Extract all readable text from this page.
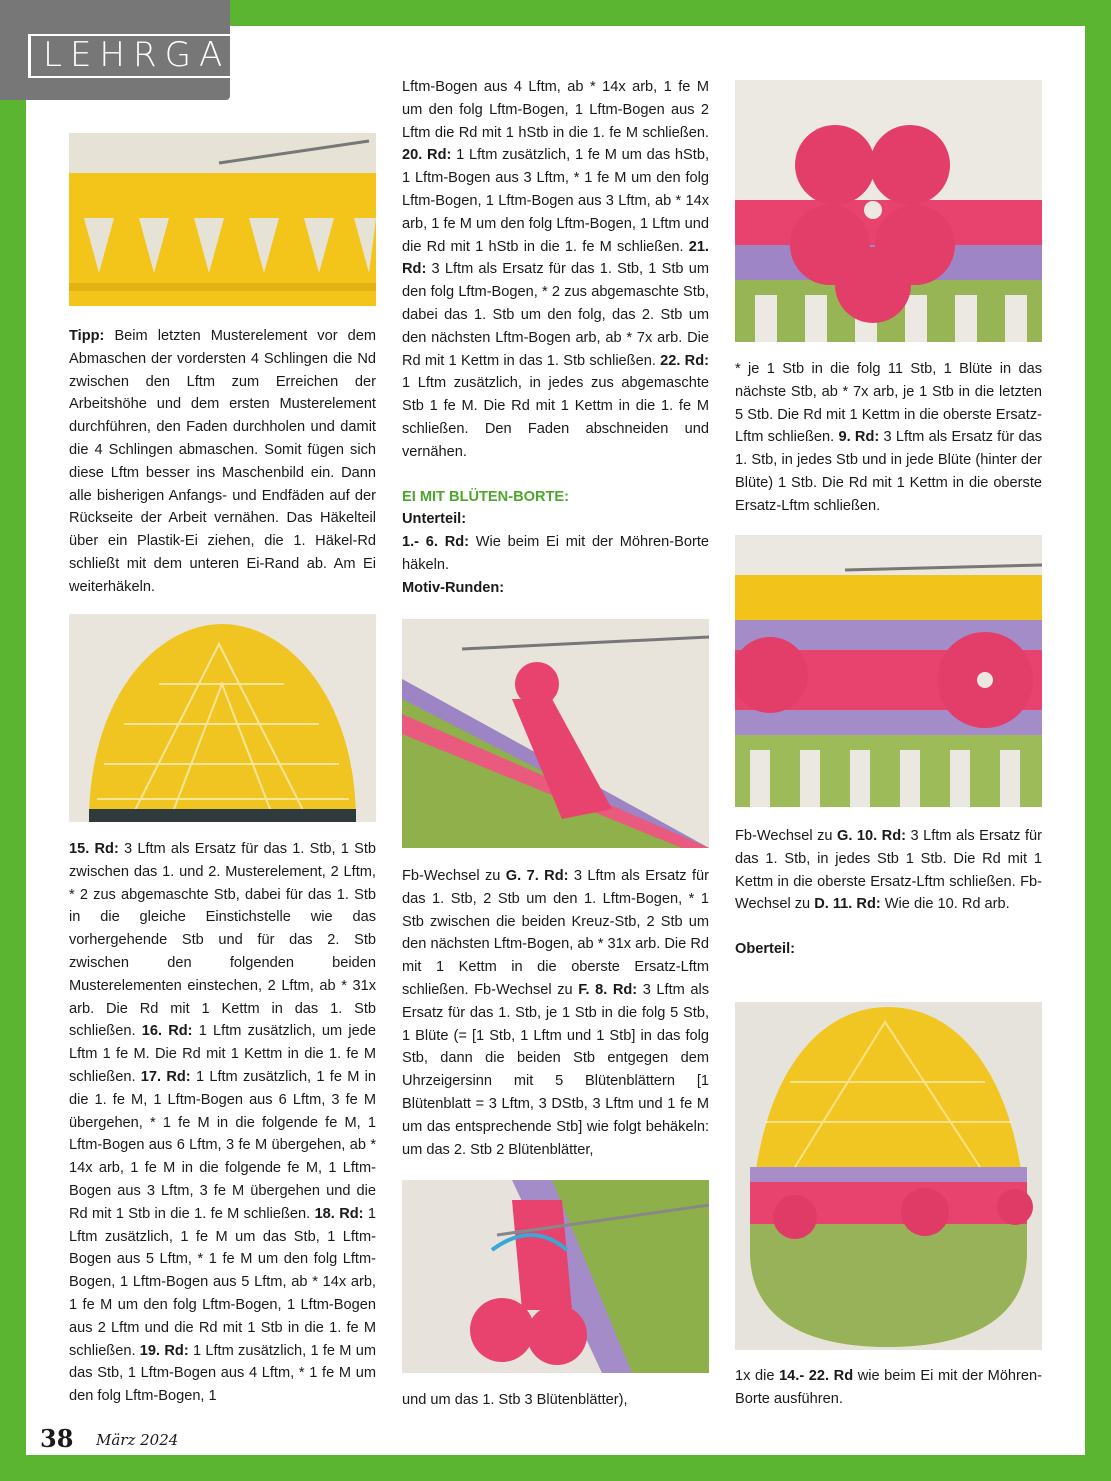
LEHRGANG

Tipp: Beim letzten Musterelement vor dem Abmaschen der vordersten 4 Schlingen die Nd zwischen den Lftm zum Erreichen der Arbeitshöhe und dem ersten Musterelement durchführen, den Faden durchholen und damit die 4 Schlingen abmaschen. Somit fügen sich diese Lftm besser ins Maschenbild ein. Dann alle bisherigen Anfangs- und Endfäden auf der Rückseite der Arbeit vernähen. Das Häkelteil über ein Plastik-Ei ziehen, die 1. Häkel-Rd schließt mit dem unteren Ei-Rand ab. Am Ei weiterhäkeln.

15. Rd: 3 Lftm als Ersatz für das 1. Stb, 1 Stb zwischen das 1. und 2. Musterelement, 2 Lftm, * 2 zus abgemaschte Stb, dabei für das 1. Stb in die gleiche Einstichstelle wie das vorhergehende Stb und für das 2. Stb zwischen den folgenden beiden Musterelementen einstechen, 2 Lftm, ab * 31x arb. Die Rd mit 1 Kettm in das 1. Stb schließen. 16. Rd: 1 Lftm zusätzlich, um jede Lftm 1 fe M. Die Rd mit 1 Kettm in die 1. fe M schließen. 17. Rd: 1 Lftm zusätzlich, 1 fe M in die 1. fe M, 1 Lftm-Bogen aus 6 Lftm, 3 fe M übergehen, * 1 fe M in die folgende fe M, 1 Lftm-Bogen aus 6 Lftm, 3 fe M übergehen, ab * 14x arb, 1 fe M in die folgende fe M, 1 Lftm-Bogen aus 3 Lftm, 3 fe M übergehen und die Rd mit 1 Stb in die 1. fe M schließen. 18. Rd: 1 Lftm zusätzlich, 1 fe M um das Stb, 1 Lftm-Bogen aus 5 Lftm, * 1 fe M um den folg Lftm-Bogen, 1 Lftm-Bogen aus 5 Lftm, ab * 14x arb, 1 fe M um den folg Lftm-Bogen, 1 Lftm-Bogen aus 2 Lftm und die Rd mit 1 Stb in die 1. fe M schließen. 19. Rd: 1 Lftm zusätzlich, 1 fe M um das Stb, 1 Lftm-Bogen aus 4 Lftm, * 1 fe M um den folg Lftm-Bogen, 1

Lftm-Bogen aus 4 Lftm, ab * 14x arb, 1 fe M um den folg Lftm-Bogen, 1 Lftm-Bogen aus 2 Lftm die Rd mit 1 hStb in die 1. fe M schließen. 20. Rd: 1 Lftm zusätzlich, 1 fe M um das hStb, 1 Lftm-Bogen aus 3 Lftm, * 1 fe M um den folg Lftm-Bogen, 1 Lftm-Bogen aus 3 Lftm, ab * 14x arb, 1 fe M um den folg Lftm-Bogen, 1 Lftm und die Rd mit 1 hStb in die 1. fe M schließen. 21. Rd: 3 Lftm als Ersatz für das 1. Stb, 1 Stb um den folg Lftm-Bogen, * 2 zus abgemaschte Stb, dabei das 1. Stb um den folg, das 2. Stb um den nächsten Lftm-Bogen arb, ab * 7x arb. Die Rd mit 1 Kettm in das 1. Stb schließen. 22. Rd: 1 Lftm zusätzlich, in jedes zus abgemaschte Stb 1 fe M. Die Rd mit 1 Kettm in die 1. fe M schließen. Den Faden abschneiden und vernähen.

EI MIT BLÜTEN-BORTE:

Unterteil:

1.- 6. Rd: Wie beim Ei mit der Möhren-Borte häkeln.

Motiv-Runden:

Fb-Wechsel zu G. 7. Rd: 3 Lftm als Ersatz für das 1. Stb, 2 Stb um den 1. Lftm-Bogen, * 1 Stb zwischen die beiden Kreuz-Stb, 2 Stb um den nächsten Lftm-Bogen, ab * 31x arb. Die Rd mit 1 Kettm in die oberste Ersatz-Lftm schließen. Fb-Wechsel zu F. 8. Rd: 3 Lftm als Ersatz für das 1. Stb, je 1 Stb in die folg 5 Stb, 1 Blüte (= [1 Stb, 1 Lftm und 1 Stb] in das folg Stb, dann die beiden Stb entgegen dem Uhrzeigersinn mit 5 Blütenblättern [1 Blütenblatt = 3 Lftm, 3 DStb, 3 Lftm und 1 fe M um das entsprechende Stb] wie folgt behäkeln: um das 2. Stb 2 Blütenblätter,

und um das 1. Stb 3 Blütenblätter),

* je 1 Stb in die folg 11 Stb, 1 Blüte in das nächste Stb, ab * 7x arb, je 1 Stb in die letzten 5 Stb. Die Rd mit 1 Kettm in die oberste Ersatz-Lftm schließen. 9. Rd: 3 Lftm als Ersatz für das 1. Stb, in jedes Stb und in jede Blüte (hinter der Blüte) 1 Stb. Die Rd mit 1 Kettm in die oberste Ersatz-Lftm schließen.

Fb-Wechsel zu G. 10. Rd: 3 Lftm als Ersatz für das 1. Stb, in jedes Stb 1 Stb. Die Rd mit 1 Kettm in die oberste Ersatz-Lftm schließen. Fb-Wechsel zu D. 11. Rd: Wie die 10. Rd arb.

Oberteil:

1x die 14.- 22. Rd wie beim Ei mit der Möhren-Borte ausführen.

38 März 2024
